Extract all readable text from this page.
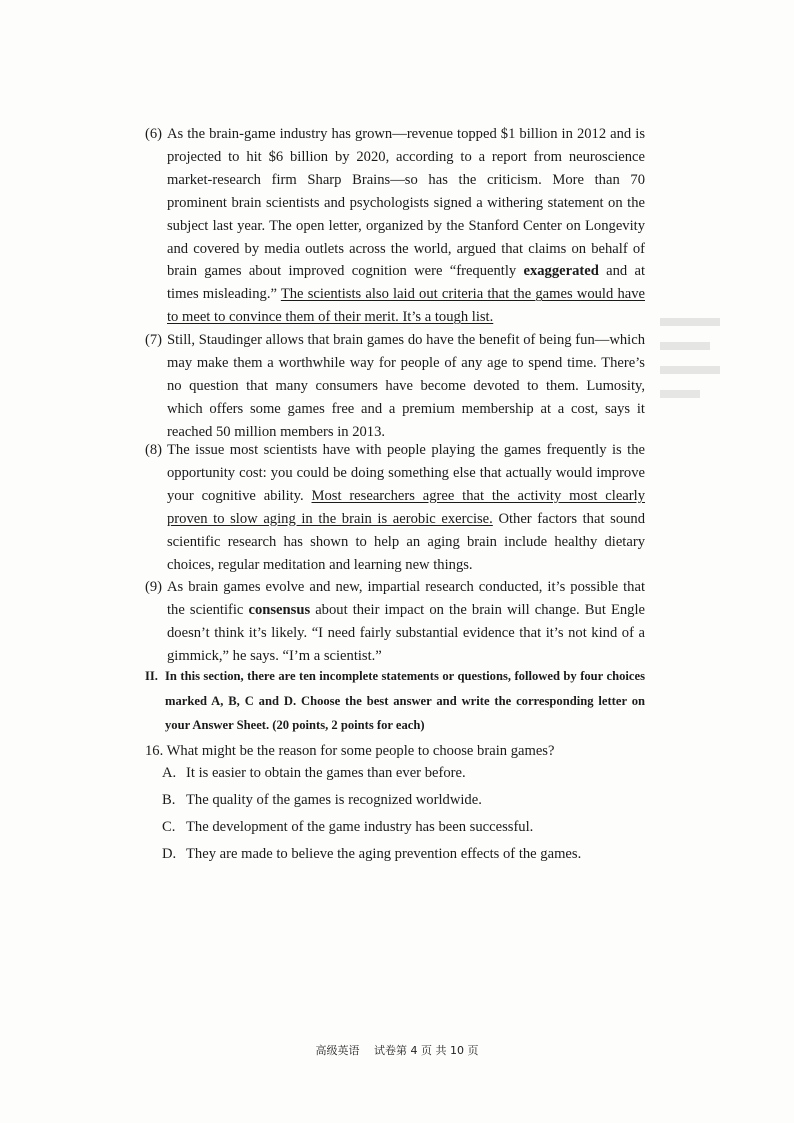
(6) As the brain-game industry has grown—revenue topped $1 billion in 2012 and is projected to hit $6 billion by 2020, according to a report from neuroscience market-research firm Sharp Brains—so has the criticism. More than 70 prominent brain scientists and psychologists signed a withering statement on the subject last year. The open letter, organized by the Stanford Center on Longevity and covered by media outlets across the world, argued that claims on behalf of brain games about improved cognition were “frequently exaggerated and at times misleading.” The scientists also laid out criteria that the games would have to meet to convince them of their merit. It’s a tough list.
(7) Still, Staudinger allows that brain games do have the benefit of being fun—which may make them a worthwhile way for people of any age to spend time. There’s no question that many consumers have become devoted to them. Lumosity, which offers some games free and a premium membership at a cost, says it reached 50 million members in 2013.
(8) The issue most scientists have with people playing the games frequently is the opportunity cost: you could be doing something else that actually would improve your cognitive ability. Most researchers agree that the activity most clearly proven to slow aging in the brain is aerobic exercise. Other factors that sound scientific research has shown to help an aging brain include healthy dietary choices, regular meditation and learning new things.
(9) As brain games evolve and new, impartial research conducted, it’s possible that the scientific consensus about their impact on the brain will change. But Engle doesn’t think it’s likely. “I need fairly substantial evidence that it’s not kind of a gimmick,” he says. “I’m a scientist.”
II. In this section, there are ten incomplete statements or questions, followed by four choices marked A, B, C and D. Choose the best answer and write the corresponding letter on your Answer Sheet. (20 points, 2 points for each)
16. What might be the reason for some people to choose brain games?
A. It is easier to obtain the games than ever before.
B. The quality of the games is recognized worldwide.
C. The development of the game industry has been successful.
D. They are made to believe the aging prevention effects of the games.
高级英语　 试卷第 4 页 共 10 页
